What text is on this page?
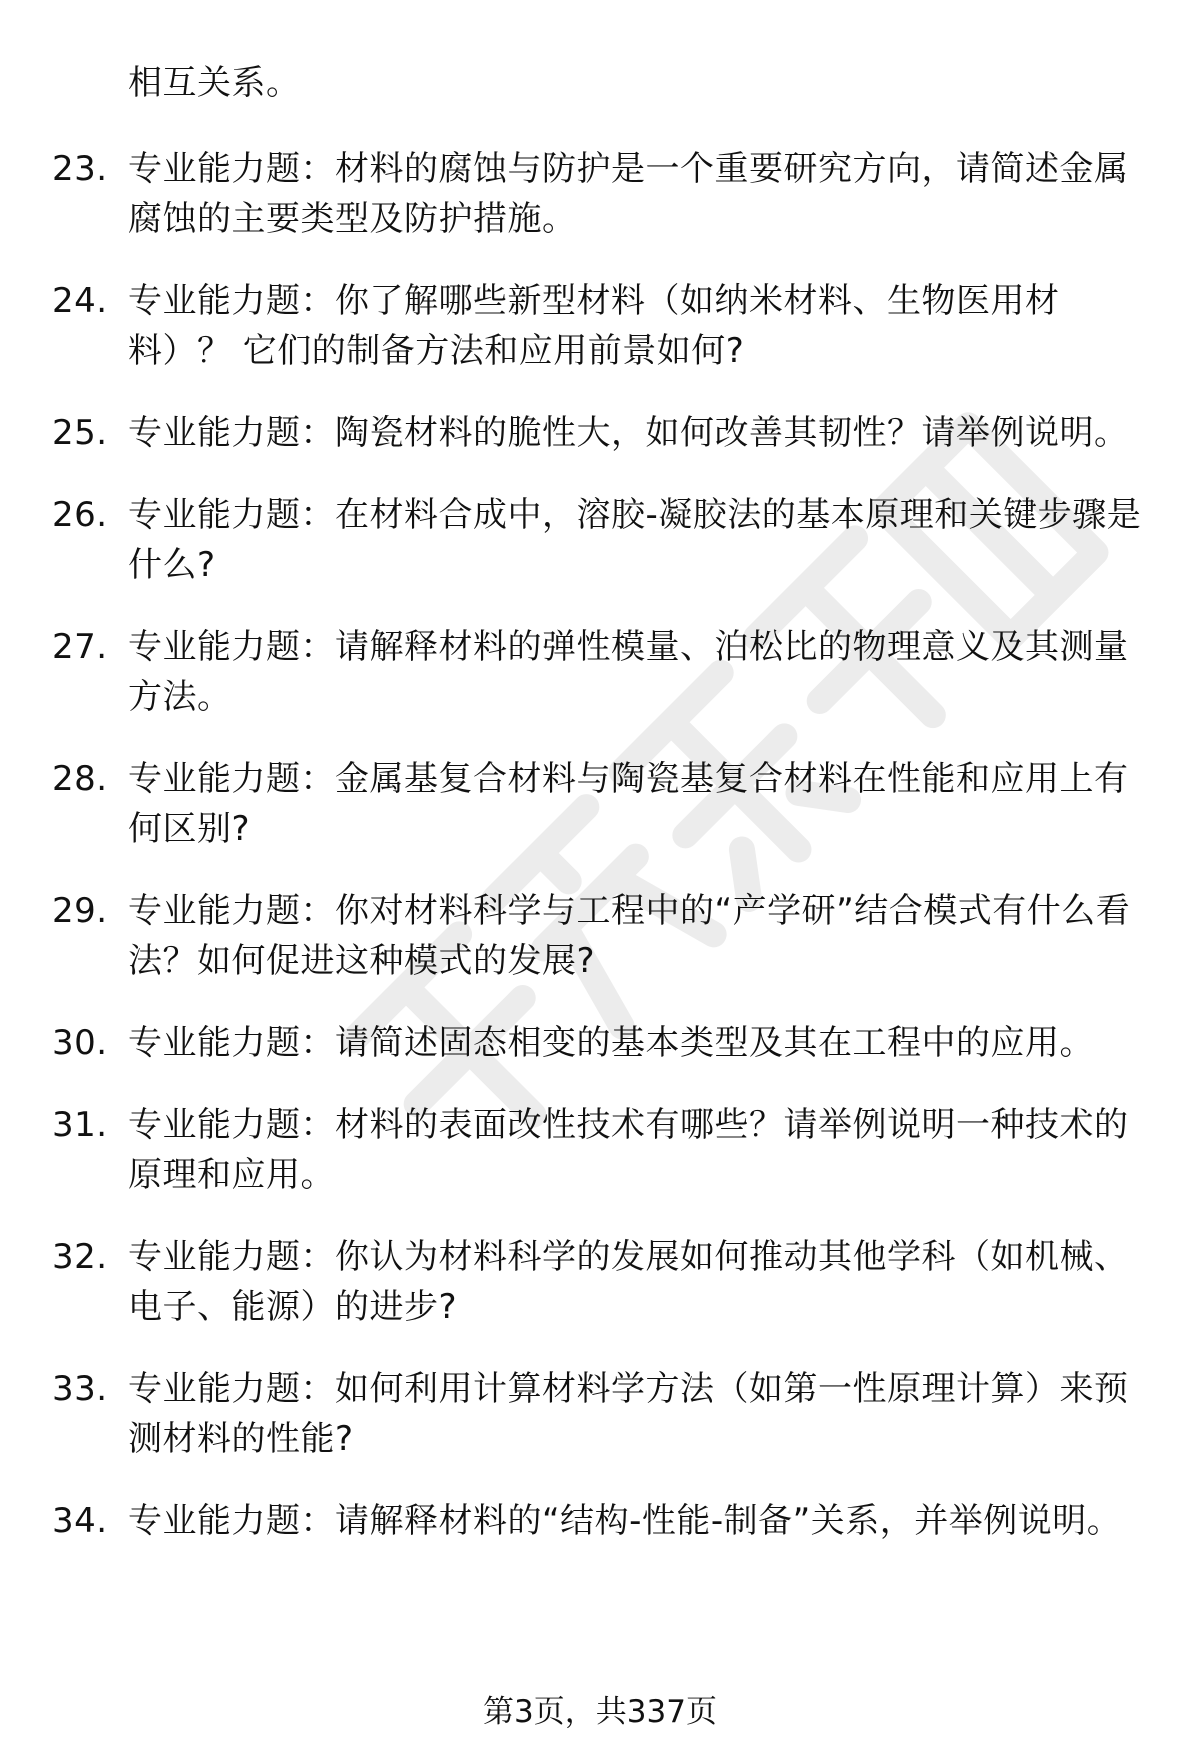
相互关系。
23. 专业能力题：材料的腐蚀与防护是一个重要研究方向，请简述金属腐蚀的主要类型及防护措施。
24. 专业能力题：你了解哪些新型材料（如纳米材料、生物医用材料）？ 它们的制备方法和应用前景如何?
25. 专业能力题：陶瓷材料的脆性大，如何改善其韧性？请举例说明。
26. 专业能力题：在材料合成中，溶胶-凝胶法的基本原理和关键步骤是什么?
27. 专业能力题：请解释材料的弹性模量、泊松比的物理意义及其测量方法。
28. 专业能力题：金属基复合材料与陶瓷基复合材料在性能和应用上有何区别?
29. 专业能力题：你对材料科学与工程中的“产学研”结合模式有什么看法？如何促进这种模式的发展?
30. 专业能力题：请简述固态相变的基本类型及其在工程中的应用。
31. 专业能力题：材料的表面改性技术有哪些？请举例说明一种技术的原理和应用。
32. 专业能力题：你认为材料科学的发展如何推动其他学科（如机械、电子、能源）的进步?
33. 专业能力题：如何利用计算材料学方法（如第一性原理计算）来预测材料的性能?
34. 专业能力题：请解释材料的“结构-性能-制备”关系，并举例说明。
第3页，共337页
